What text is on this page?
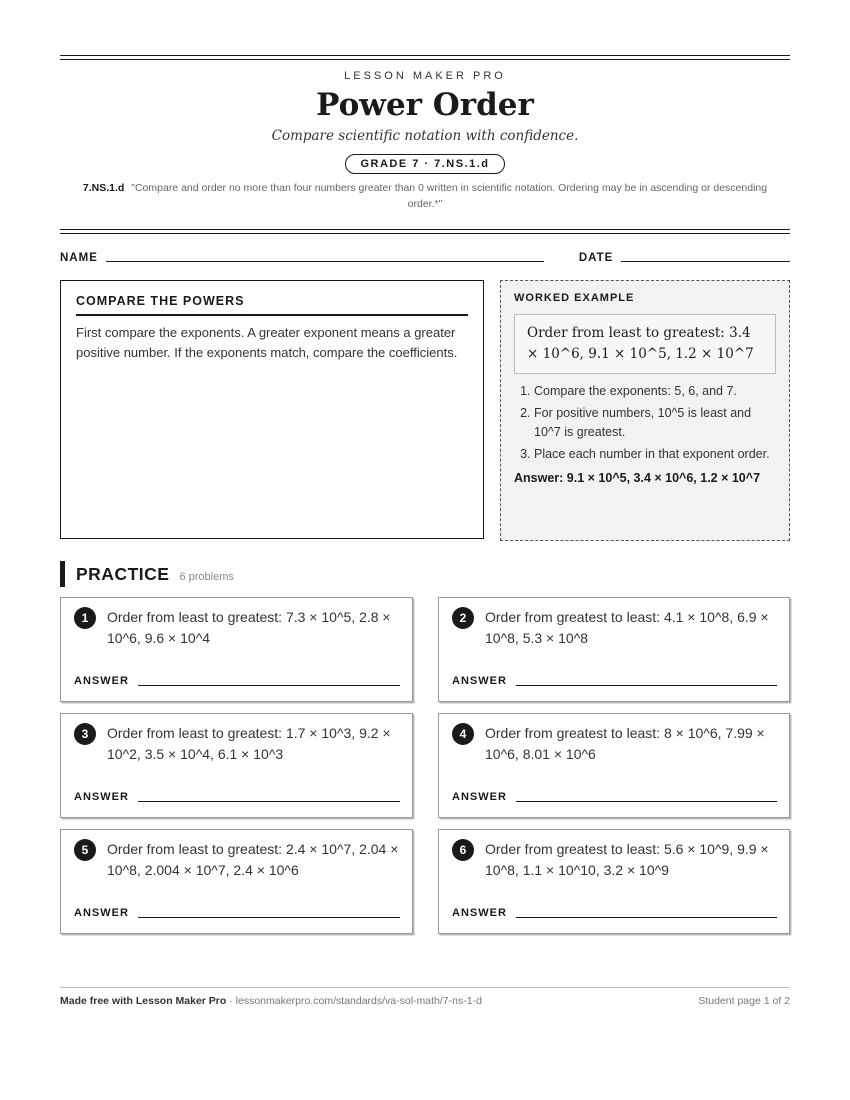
LESSON MAKER PRO
Power Order
Compare scientific notation with confidence.
GRADE 7 · 7.NS.1.d
7.NS.1.d "Compare and order no more than four numbers greater than 0 written in scientific notation. Ordering may be in ascending or descending order.*"
NAME	DATE
COMPARE THE POWERS
First compare the exponents. A greater exponent means a greater positive number. If the exponents match, compare the coefficients.
WORKED EXAMPLE
Order from least to greatest: 3.4 × 10^6, 9.1 × 10^5, 1.2 × 10^7
1. Compare the exponents: 5, 6, and 7.
2. For positive numbers, 10^5 is least and 10^7 is greatest.
3. Place each number in that exponent order.
Answer: 9.1 × 10^5, 3.4 × 10^6, 1.2 × 10^7
PRACTICE 6 problems
1	Order from least to greatest: 7.3 × 10^5, 2.8 × 10^6, 9.6 × 10^4
ANSWER
2	Order from greatest to least: 4.1 × 10^8, 6.9 × 10^8, 5.3 × 10^8
ANSWER
3	Order from least to greatest: 1.7 × 10^3, 9.2 × 10^2, 3.5 × 10^4, 6.1 × 10^3
ANSWER
4	Order from greatest to least: 8 × 10^6, 7.99 × 10^6, 8.01 × 10^6
ANSWER
5	Order from least to greatest: 2.4 × 10^7, 2.04 × 10^8, 2.004 × 10^7, 2.4 × 10^6
ANSWER
6	Order from greatest to least: 5.6 × 10^9, 9.9 × 10^8, 1.1 × 10^10, 3.2 × 10^9
ANSWER
Made free with Lesson Maker Pro · lessonmakerpro.com/standards/va-sol-math/7-ns-1-d	Student page 1 of 2
